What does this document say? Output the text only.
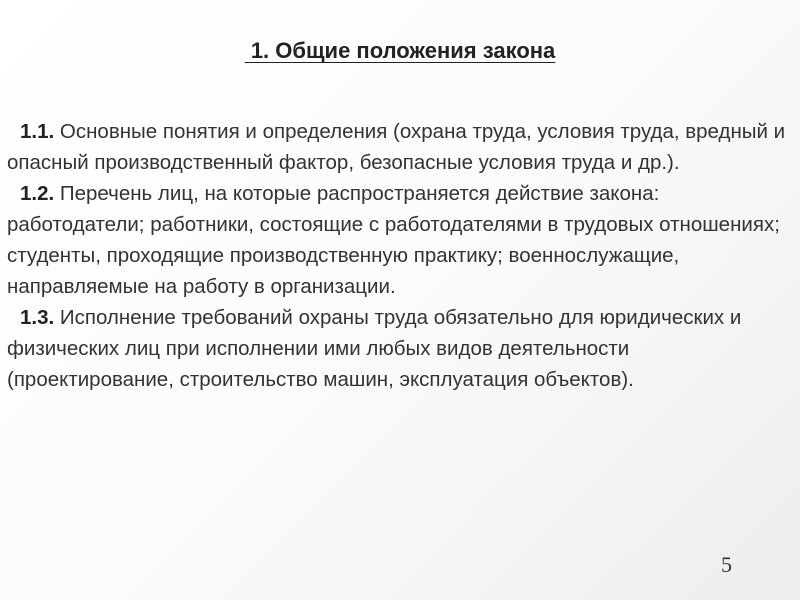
1. Общие положения закона

1.1. Основные понятия и определения (охрана труда, условия труда, вредный и опасный производственный фактор, безопасные условия труда и др.).

1.2. Перечень лиц, на которые распространяется действие закона: работодатели; работники, состоящие с работодателями в трудовых отношениях; студенты, проходящие производственную практику; военнослужащие, направляемые на работу в организации.

1.3. Исполнение требований охраны труда обязательно для юридических и физических лиц при исполнении ими любых видов деятельности (проектирование, строительство машин, эксплуатация объектов).

5
